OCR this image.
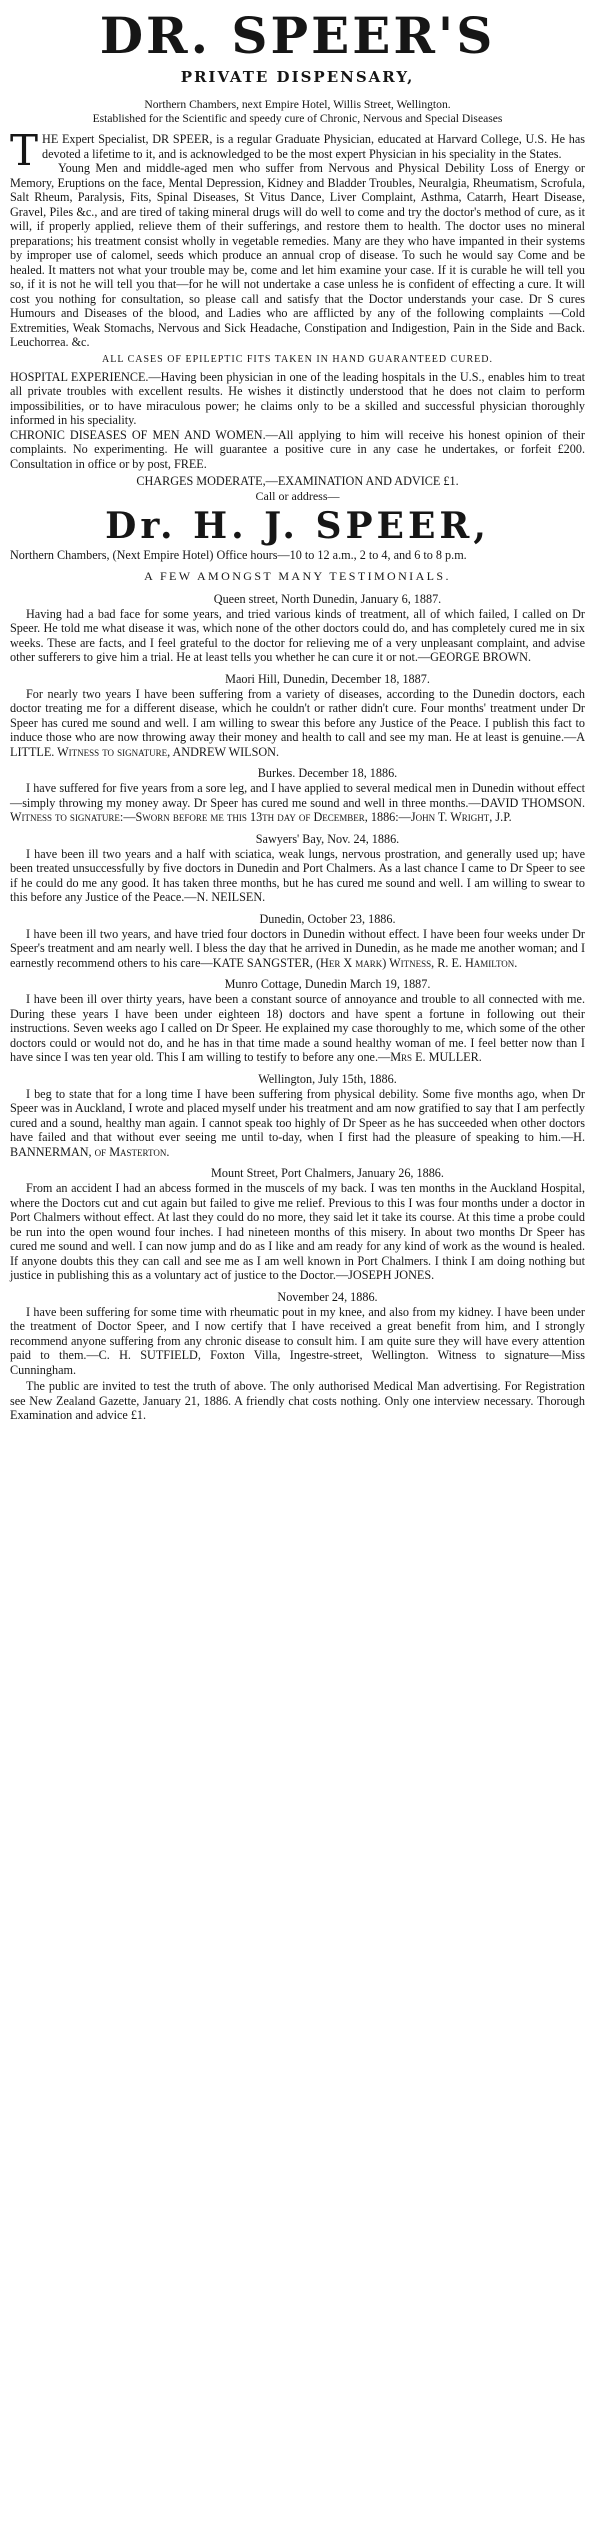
DR. SPEER'S
PRIVATE DISPENSARY,

Northern Chambers, next Empire Hotel, Willis Street, Wellington.

Established for the Scientific and speedy cure of Chronic, Nervous and Special Diseases

THE Expert Specialist, DR SPEER, is a regular Graduate Physician, educated at Harvard College, U.S. He has devoted a lifetime to it, and is acknowledged to be the most expert Physician in his speciality in the States.

Young Men and middle-aged men who suffer from Nervous and Physical Debility Loss of Energy or Memory, Eruptions on the face, Mental Depression, Kidney and Bladder Troubles, Neuralgia, Rheumatism, Scrofula, Salt Rheum, Paralysis, Fits, Spinal Diseases, St Vitus Dance, Liver Complaint, Asthma, Catarrh, Heart Disease, Gravel, Piles &c., and are tired of taking mineral drugs will do well to come and try the doctor's method of cure, as it will, if properly applied, relieve them of their sufferings, and restore them to health. The doctor uses no mineral preparations; his treatment consist wholly in vegetable remedies. Many are they who have impanted in their systems by improper use of calomel, seeds which produce an annual crop of disease. To such he would say Come and be healed. It matters not what your trouble may be, come and let him examine your case. If it is curable he will tell you so, if it is not he will tell you that—for he will not undertake a case unless he is confident of effecting a cure. It will cost you nothing for consultation, so please call and satisfy that the Doctor understands your case. Dr S cures Humours and Diseases of the blood, and Ladies who are afflicted by any of the following complaints —Cold Extremities, Weak Stomachs, Nervous and Sick Headache, Constipation and Indigestion, Pain in the Side and Back. Leuchorrea. &c.

ALL CASES OF EPILEPTIC FITS TAKEN IN HAND GUARANTEED CURED.

HOSPITAL EXPERIENCE.—Having been physician in one of the leading hospitals in the U.S., enables him to treat all private troubles with excellent results. He wishes it distinctly understood that he does not claim to perform impossibilities, or to have miraculous power; he claims only to be a skilled and successful physician thoroughly informed in his speciality.

CHRONIC DISEASES OF MEN AND WOMEN.—All applying to him will receive his honest opinion of their complaints. No experimenting. He will guarantee a positive cure in any case he undertakes, or forfeit £200. Consultation in office or by post, FREE.

CHARGES MODERATE,—EXAMINATION AND ADVICE £1.

Call or address—

Dr. H. J. SPEER,

Northern Chambers, (Next Empire Hotel) Office hours—10 to 12 a.m., 2 to 4, and 6 to 8 p.m.

A FEW AMONGST MANY TESTIMONIALS.

Queen street, North Dunedin, January 6, 1887.

Having had a bad face for some years, and tried various kinds of treatment, all of which failed, I called on Dr Speer. He told me what disease it was, which none of the other doctors could do, and has completely cured me in six weeks. These are facts, and I feel grateful to the doctor for relieving me of a very unpleasant complaint, and advise other sufferers to give him a trial. He at least tells you whether he can cure it or not.—GEORGE BROWN.

Maori Hill, Dunedin, December 18, 1887.

For nearly two years I have been suffering from a variety of diseases, according to the Dunedin doctors, each doctor treating me for a different disease, which he couldn't or rather didn't cure. Four months' treatment under Dr Speer has cured me sound and well. I am willing to swear this before any Justice of the Peace. I publish this fact to induce those who are now throwing away their money and health to call and see my man. He at least is genuine.—A LITTLE. Witness to signature, ANDREW WILSON.

Burkes. December 18, 1886.

I have suffered for five years from a sore leg, and I have applied to several medical men in Dunedin without effect—simply throwing my money away. Dr Speer has cured me sound and well in three months.—DAVID THOMSON. Witness to signature:—Sworn before me this 13th day of December, 1886:—John T. Wright, J.P.

Sawyers' Bay, Nov. 24, 1886.

I have been ill two years and a half with sciatica, weak lungs, nervous prostration, and generally used up; have been treated unsuccessfully by five doctors in Dunedin and Port Chalmers. As a last chance I came to Dr Speer to see if he could do me any good. It has taken three months, but he has cured me sound and well. I am willing to swear to this before any Justice of the Peace.—N. NEILSEN.

Dunedin, October 23, 1886.

I have been ill two years, and have tried four doctors in Dunedin without effect. I have been four weeks under Dr Speer's treatment and am nearly well. I bless the day that he arrived in Dunedin, as he made me another woman; and I earnestly recommend others to his care—KATE SANGSTER, (Her X mark) Witness, R. E. Hamilton.

Munro Cottage, Dunedin March 19, 1887.

I have been ill over thirty years, have been a constant source of annoyance and trouble to all connected with me. During these years I have been under eighteen 18) doctors and have spent a fortune in following out their instructions. Seven weeks ago I called on Dr Speer. He explained my case thoroughly to me, which some of the other doctors could or would not do, and he has in that time made a sound healthy woman of me. I feel better now than I have since I was ten year old. This I am willing to testify to before any one.—Mrs E. MULLER.

Wellington, July 15th, 1886.

I beg to state that for a long time I have been suffering from physical debility. Some five months ago, when Dr Speer was in Auckland, I wrote and placed myself under his treatment and am now gratified to say that I am perfectly cured and a sound, healthy man again. I cannot speak too highly of Dr Speer as he has succeeded when other doctors have failed and that without ever seeing me until to-day, when I first had the pleasure of speaking to him.—H. BANNERMAN, of Masterton.

Mount Street, Port Chalmers, January 26, 1886.

From an accident I had an abcess formed in the muscels of my back. I was ten months in the Auckland Hospital, where the Doctors cut and cut again but failed to give me relief. Previous to this I was four months under a doctor in Port Chalmers without effect. At last they could do no more, they said let it take its course. At this time a probe could be run into the open wound four inches. I had nineteen months of this misery. In about two months Dr Speer has cured me sound and well. I can now jump and do as I like and am ready for any kind of work as the wound is healed. If anyone doubts this they can call and see me as I am well known in Port Chalmers. I think I am doing nothing but justice in publishing this as a voluntary act of justice to the Doctor.—JOSEPH JONES.

November 24, 1886.

I have been suffering for some time with rheumatic pout in my knee, and also from my kidney. I have been under the treatment of Doctor Speer, and I now certify that I have received a great benefit from him, and I strongly recommend anyone suffering from any chronic disease to consult him. I am quite sure they will have every attention paid to them.—C. H. SUTFIELD, Foxton Villa, Ingestre-street, Wellington. Witness to signature—Miss Cunningham.

The public are invited to test the truth of above. The only authorised Medical Man advertising. For Registration see New Zealand Gazette, January 21, 1886. A friendly chat costs nothing. Only one interview necessary. Thorough Examination and advice £1.
